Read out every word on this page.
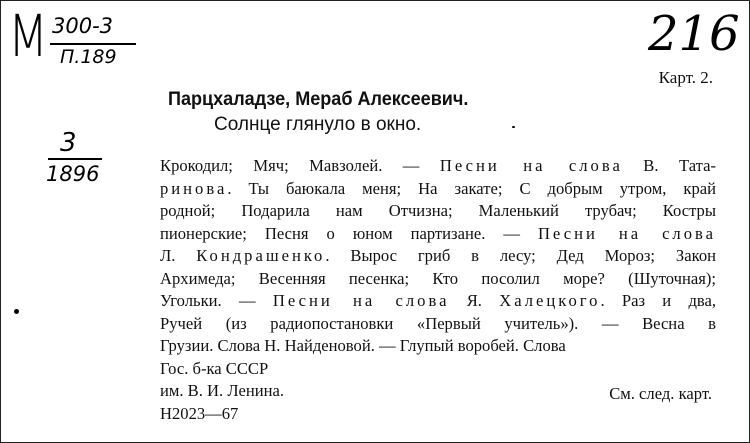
M 300-3
П.189	216
3
1896
Карт. 2.
Парцхаладзе, Мераб Алексеевич.
Солнце глянуло в окно.
Крокодил; Мяч; Мавзолей. — Песни на слова В. Тата-
ринова. Ты баюкала меня; На закате; С добрым утром, край
родной; Подарила нам Отчизна; Маленький трубач; Костры
пионерские; Песня о юном партизане. — Песни на слова
Л. Кондрашенко. Вырос гриб в лесу; Дед Мороз; Закон
Архимеда; Весенняя песенка; Кто посолил море? (Шуточная);
Угольки. — Песни на слова Я. Халецкого. Раз и два,
Ручей (из радиопостановки «Первый учитель»). — Весна в
Грузии. Слова Н. Найденовой. — Глупый воробей. Слова
Гос. б-ка СССР
им. В. И. Ленина.	См. след. карт.
Н2023—67
